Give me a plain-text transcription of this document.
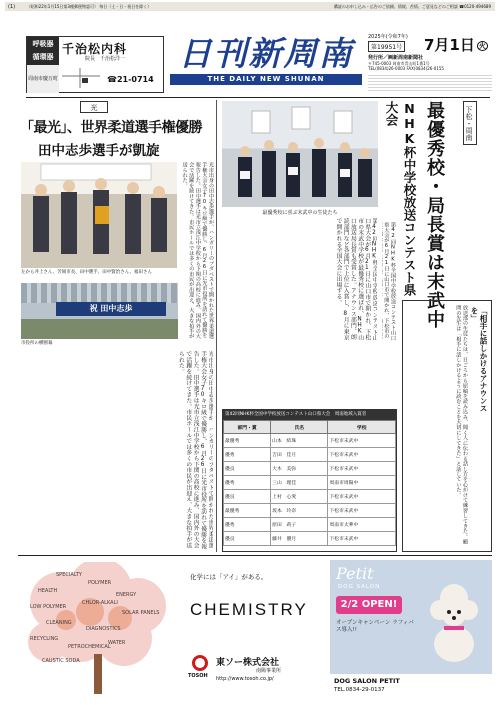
(1)	（昭和22年1月15日第3種郵便物認可） 毎日（土・日・祝日を除く）	購読のお申し込み・広告のご依頼、情報、苦情、ご意見などのご相談 ☎0120-494689
呼吸器
循環器
千治松内科
院長　千治松洋一
周南市慶万町	☎21-0714
日刊新周南
THE DAILY NEW SHUNAN
2025年(令和7年)
第19951号 7月1日 火
発行所／㈱新周南新聞社
〒745-0003 周南市青山町1番1号
TEL(0834)26-0003 FAX(0834)26-0155
光
「最光」、世界柔道選手権優勝
田中志歩選手が凱旋
左から井上さん、芳岡市長、田中選手、田中賢治さん、福田さん
祝 田中志歩
市役所の横断幕
光市出身の田中志歩選手が、ハンガリーのブダペストで開かれた世界柔道選手権大会女子70キロ級で優勝し、6月26日に光市役所を訪れて優勝を報告した。田中選手は光市立浅江中学校から下関の高校に進み、国内外の大会で活躍を続けてきた。市民ホールでは多くの市民が出迎え、大きな拍手が送られた。
光市出身の田中志歩選手が、ハンガリーのブダペストで開かれた世界柔道選手権大会女子70キロ級で優勝し、6月26日に光市役所を訪れて優勝を報告した。田中選手は光市立浅江中学校から下関の高校に進み、国内外の大会で活躍を続けてきた。市民ホールでは多くの市民が出迎え、大きな拍手が送られた。
最優秀校に喜ぶ末武中の生徒たち
下松・周南
最優秀校・局長賞は末武中
NHK杯中学校放送コンテスト県大会
第42回NHK杯全国中学校放送コンテスト山口県大会が6月21日に山口市で開かれ、下松市の
第42回NHK杯全国中学校放送コンテスト山口県大会が6月21日に山口市で開かれ、下松市の末武中学校が最優秀校に選ばれ、NHK山口放送局長賞も受賞した。アナウンス部門、朗読部門など各部門で上位に入賞し、8月に東京で開かれる全国大会に出場する。
「相手に話しかけるアナウンスを」
放送部の生徒たちは、日ごろから原稿を読み込み、聞く人に伝わる話し方を心がけて練習してきた。顧問の先生は「相手に話しかけるように読むことを大切にしてきた」と話していた。
第42回NHK杯全国中学校放送コンテスト山口県大会　周南地域入賞者
部門・賞	氏名	学校
最優秀	山本　結珠	下松市末武中
優秀	吉田　佳月	下松市末武中
優良	大木　美弥	下松市末武中
優秀	三山　理佳	周南市周陽中
優良	上村　心愛	下松市末武中
最優秀	坂本　玲奈	下松市末武中
優秀	原田　莉子	周南市太華中
優良	藤井　優月	下松市末武中
SPECIALTY
POLYMER
HEALTH
ENERGY
LOW POLYMER
CHLOR-ALKALI
SOLAR PANELS
CLEANING
DIAGNOSTICS
RECYCLING
PETROCHEMICAL
WATER
CAUSTIC SODA
化学には「アイ」がある。
CHEMISTRY
TOSOH
東ソー株式会社
南陽事業所
http://www.tosoh.co.jp/
Petit
DOG SALON
2/2 OPEN!
オープンキャンペーン ラフィバス導入!!
DOG SALON PETIT
TEL.0834-29-0137
